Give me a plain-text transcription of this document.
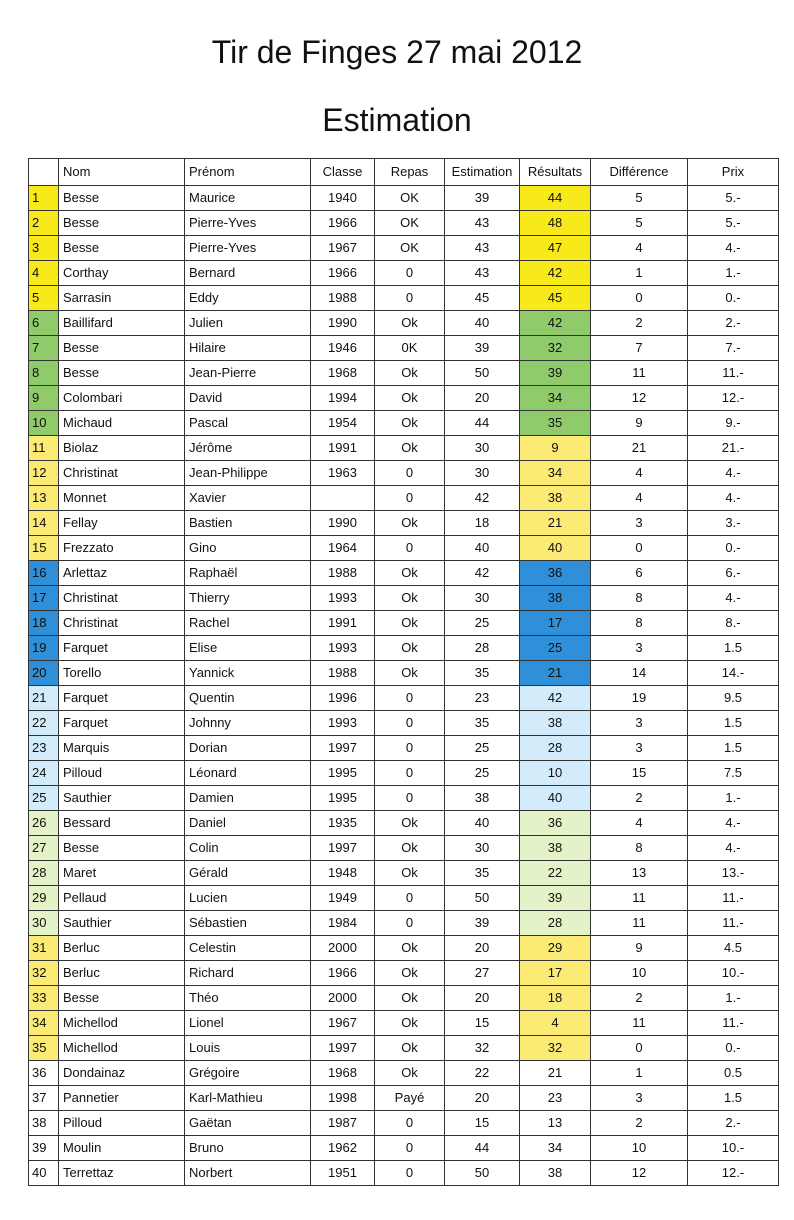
Tir de Finges 27 mai 2012
Estimation
	Nom	Prénom	Classe	Repas	Estimation	Résultats	Différence	Prix
1	Besse	Maurice	1940	OK	39	44	5	5.-
2	Besse	Pierre-Yves	1966	OK	43	48	5	5.-
3	Besse	Pierre-Yves	1967	OK	43	47	4	4.-
4	Corthay	Bernard	1966	0	43	42	1	1.-
5	Sarrasin	Eddy	1988	0	45	45	0	0.-
6	Baillifard	Julien	1990	Ok	40	42	2	2.-
7	Besse	Hilaire	1946	0K	39	32	7	7.-
8	Besse	Jean-Pierre	1968	Ok	50	39	11	11.-
9	Colombari	David	1994	Ok	20	34	12	12.-
10	Michaud	Pascal	1954	Ok	44	35	9	9.-
11	Biolaz	Jérôme	1991	Ok	30	9	21	21.-
12	Christinat	Jean-Philippe	1963	0	30	34	4	4.-
13	Monnet	Xavier		0	42	38	4	4.-
14	Fellay	Bastien	1990	Ok	18	21	3	3.-
15	Frezzato	Gino	1964	0	40	40	0	0.-
16	Arlettaz	Raphaël	1988	Ok	42	36	6	6.-
17	Christinat	Thierry	1993	Ok	30	38	8	4.-
18	Christinat	Rachel	1991	Ok	25	17	8	8.-
19	Farquet	Elise	1993	Ok	28	25	3	1.5
20	Torello	Yannick	1988	Ok	35	21	14	14.-
21	Farquet	Quentin	1996	0	23	42	19	9.5
22	Farquet	Johnny	1993	0	35	38	3	1.5
23	Marquis	Dorian	1997	0	25	28	3	1.5
24	Pilloud	Léonard	1995	0	25	10	15	7.5
25	Sauthier	Damien	1995	0	38	40	2	1.-
26	Bessard	Daniel	1935	Ok	40	36	4	4.-
27	Besse	Colin	1997	Ok	30	38	8	4.-
28	Maret	Gérald	1948	Ok	35	22	13	13.-
29	Pellaud	Lucien	1949	0	50	39	11	11.-
30	Sauthier	Sébastien	1984	0	39	28	11	11.-
31	Berluc	Celestin	2000	Ok	20	29	9	4.5
32	Berluc	Richard	1966	Ok	27	17	10	10.-
33	Besse	Théo	2000	Ok	20	18	2	1.-
34	Michellod	Lionel	1967	Ok	15	4	11	11.-
35	Michellod	Louis	1997	Ok	32	32	0	0.-
36	Dondainaz	Grégoire	1968	Ok	22	21	1	0.5
37	Pannetier	Karl-Mathieu	1998	Payé	20	23	3	1.5
38	Pilloud	Gaëtan	1987	0	15	13	2	2.-
39	Moulin	Bruno	1962	0	44	34	10	10.-
40	Terrettaz	Norbert	1951	0	50	38	12	12.-
